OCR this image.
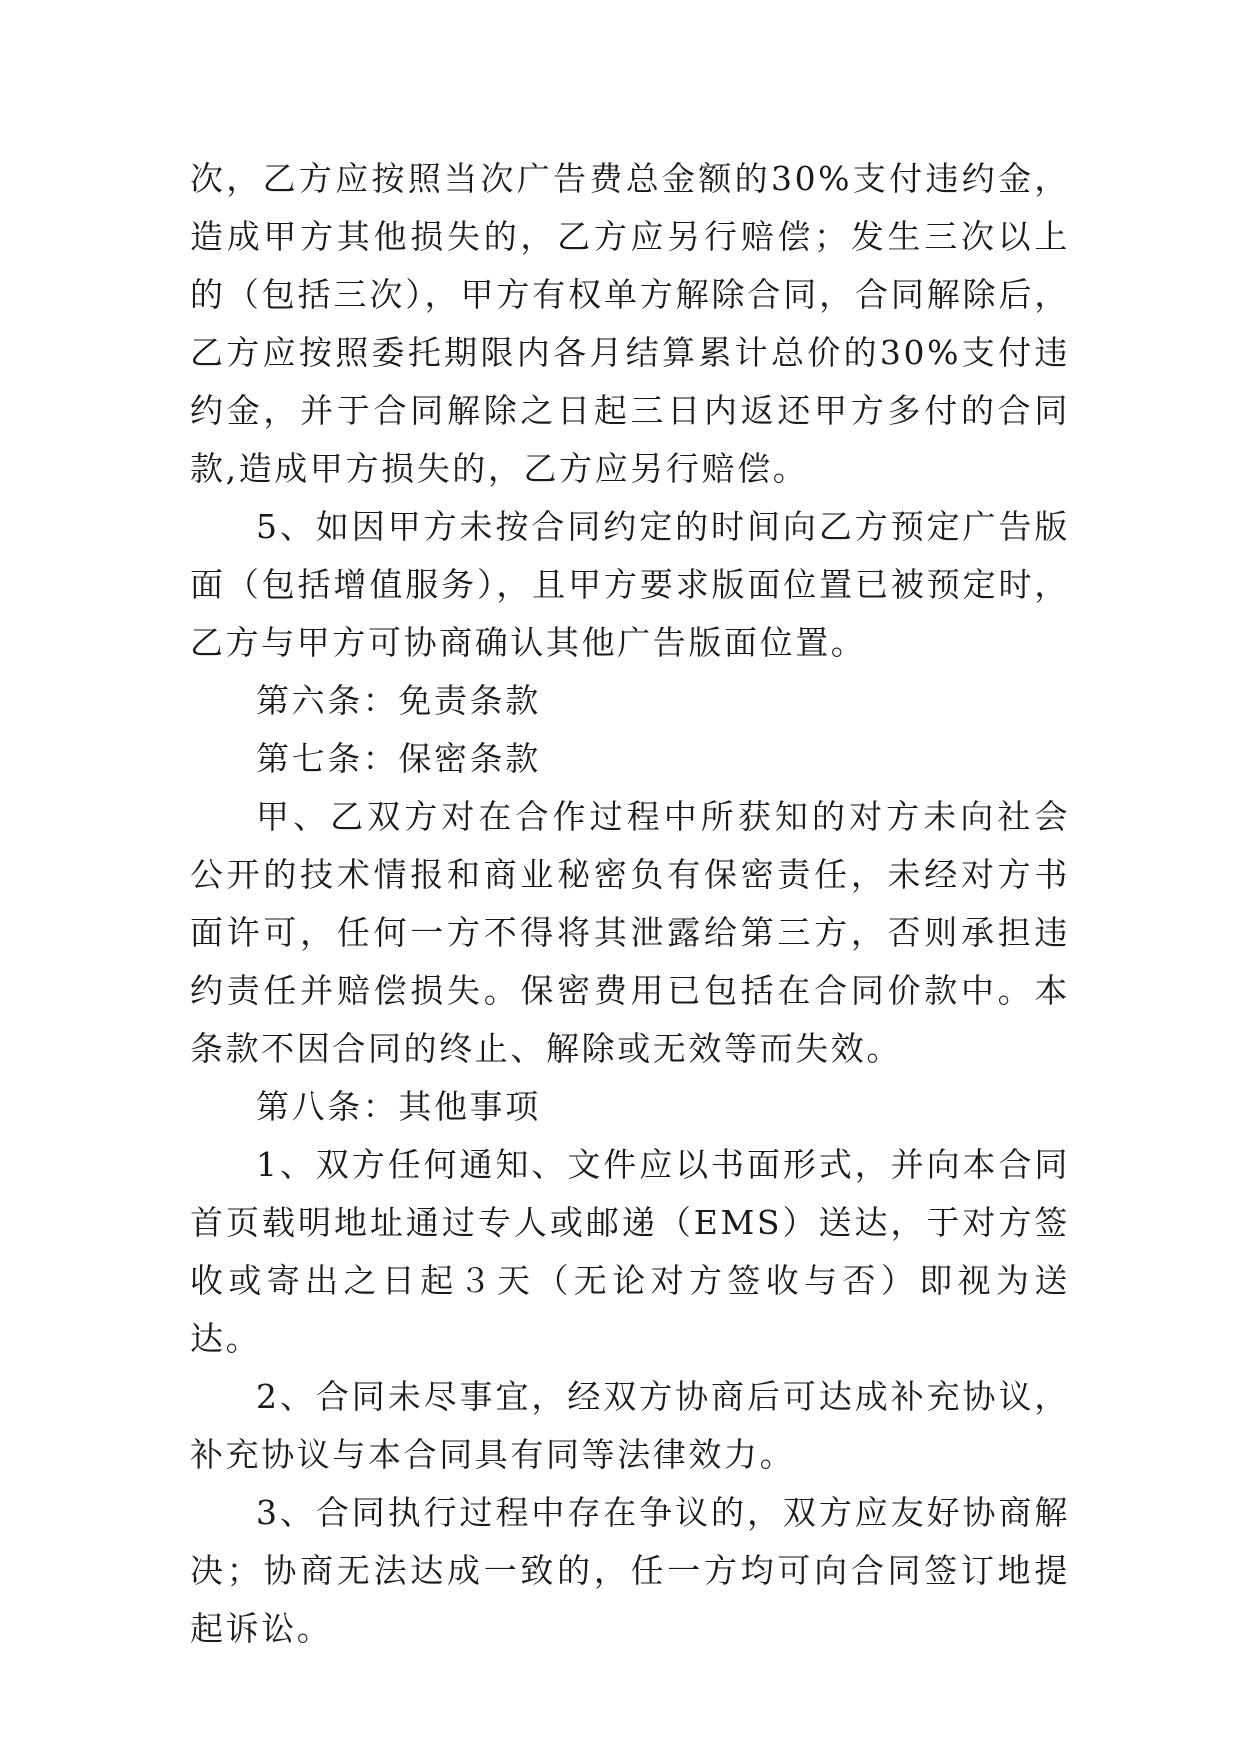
次，乙方应按照当次广告费总金额的30%支付违约金，造成甲方其他损失的，乙方应另行赔偿；发生三次以上的（包括三次），甲方有权单方解除合同，合同解除后，乙方应按照委托期限内各月结算累计总价的30%支付违约金，并于合同解除之日起三日内返还甲方多付的合同款,造成甲方损失的，乙方应另行赔偿。

5、如因甲方未按合同约定的时间向乙方预定广告版面（包括增值服务），且甲方要求版面位置已被预定时，乙方与甲方可协商确认其他广告版面位置。

第六条：免责条款

第七条：保密条款

甲、乙双方对在合作过程中所获知的对方未向社会公开的技术情报和商业秘密负有保密责任，未经对方书面许可，任何一方不得将其泄露给第三方，否则承担违约责任并赔偿损失。保密费用已包括在合同价款中。本条款不因合同的终止、解除或无效等而失效。

第八条：其他事项

1、双方任何通知、文件应以书面形式，并向本合同首页载明地址通过专人或邮递（EMS）送达，于对方签收或寄出之日起３天（无论对方签收与否）即视为送达。

2、合同未尽事宜，经双方协商后可达成补充协议，补充协议与本合同具有同等法律效力。

3、合同执行过程中存在争议的，双方应友好协商解决；协商无法达成一致的，任一方均可向合同签订地提起诉讼。
